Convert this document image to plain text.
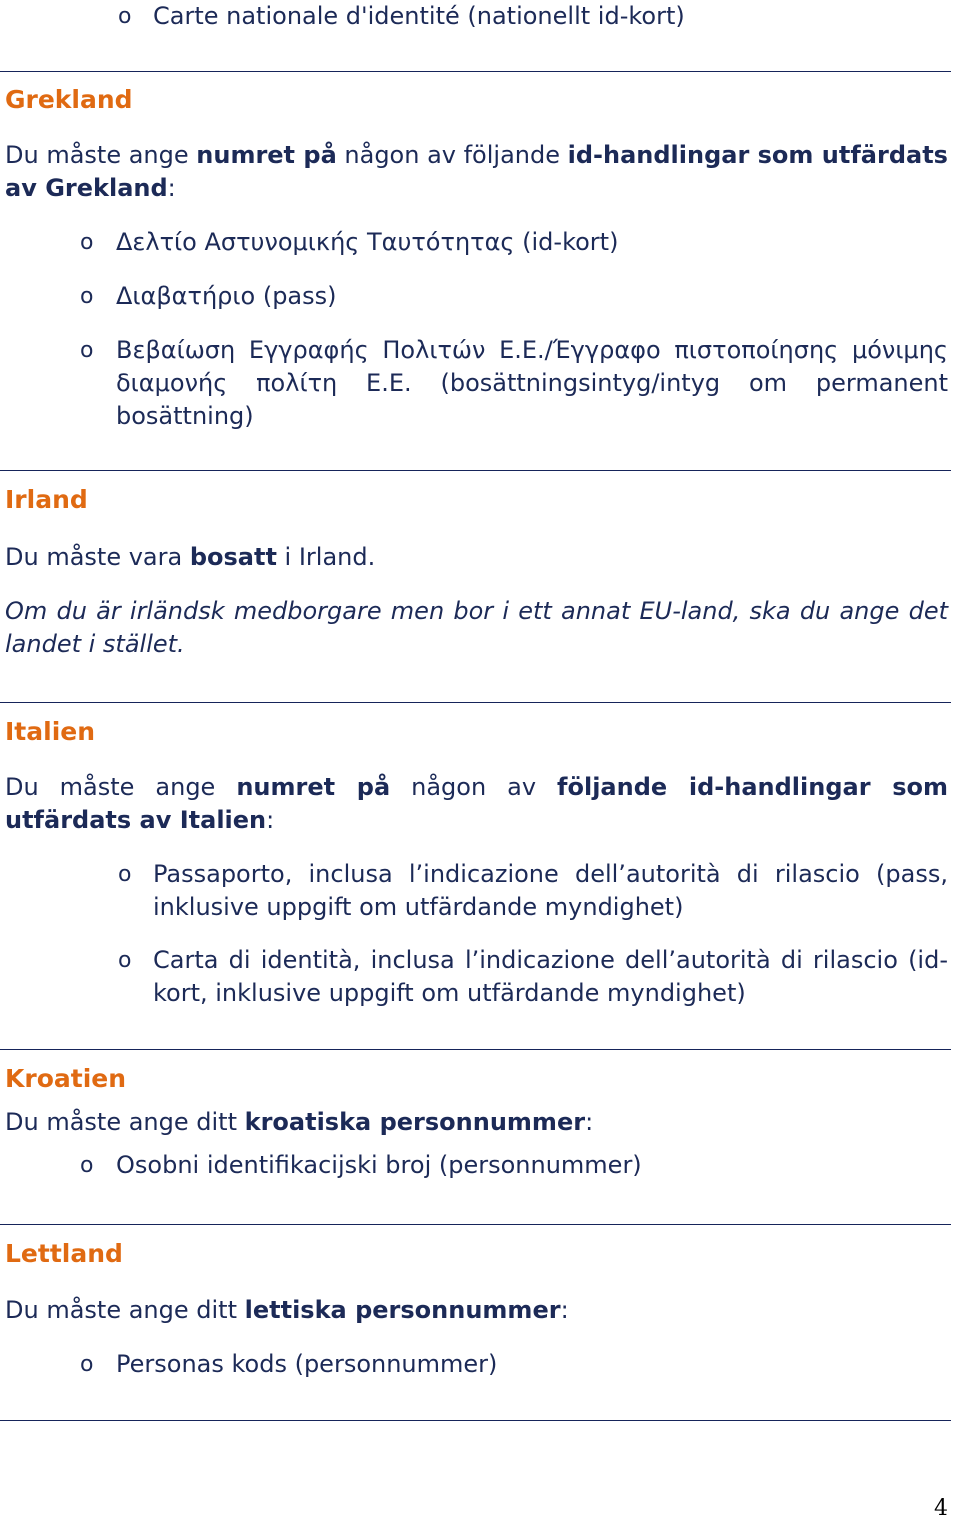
o Carte nationale d'identité (nationellt id-kort)
Grekland
Du måste ange numret på någon av följande id-handlingar som utfärdats av Grekland:
o Δελτίο Αστυνομικής Ταυτότητας (id-kort)
o Διαβατήριο (pass)
o Βεβαίωση Εγγραφής Πολιτών Ε.Ε./Έγγραφο πιστοποίησης μόνιμης διαμονής πολίτη Ε.Ε. (bosättningsintyg/intyg om permanent bosättning)
Irland
Du måste vara bosatt i Irland.
Om du är irländsk medborgare men bor i ett annat EU-land, ska du ange det landet i stället.
Italien
Du måste ange numret på någon av följande id-handlingar som utfärdats av Italien:
o Passaporto, inclusa l’indicazione dell’autorità di rilascio (pass, inklusive uppgift om utfärdande myndighet)
o Carta di identità, inclusa l’indicazione dell’autorità di rilascio (id-kort, inklusive uppgift om utfärdande myndighet)
Kroatien
Du måste ange ditt kroatiska personnummer:
o Osobni identifikacijski broj (personnummer)
Lettland
Du måste ange ditt lettiska personnummer:
o Personas kods (personnummer)
4
